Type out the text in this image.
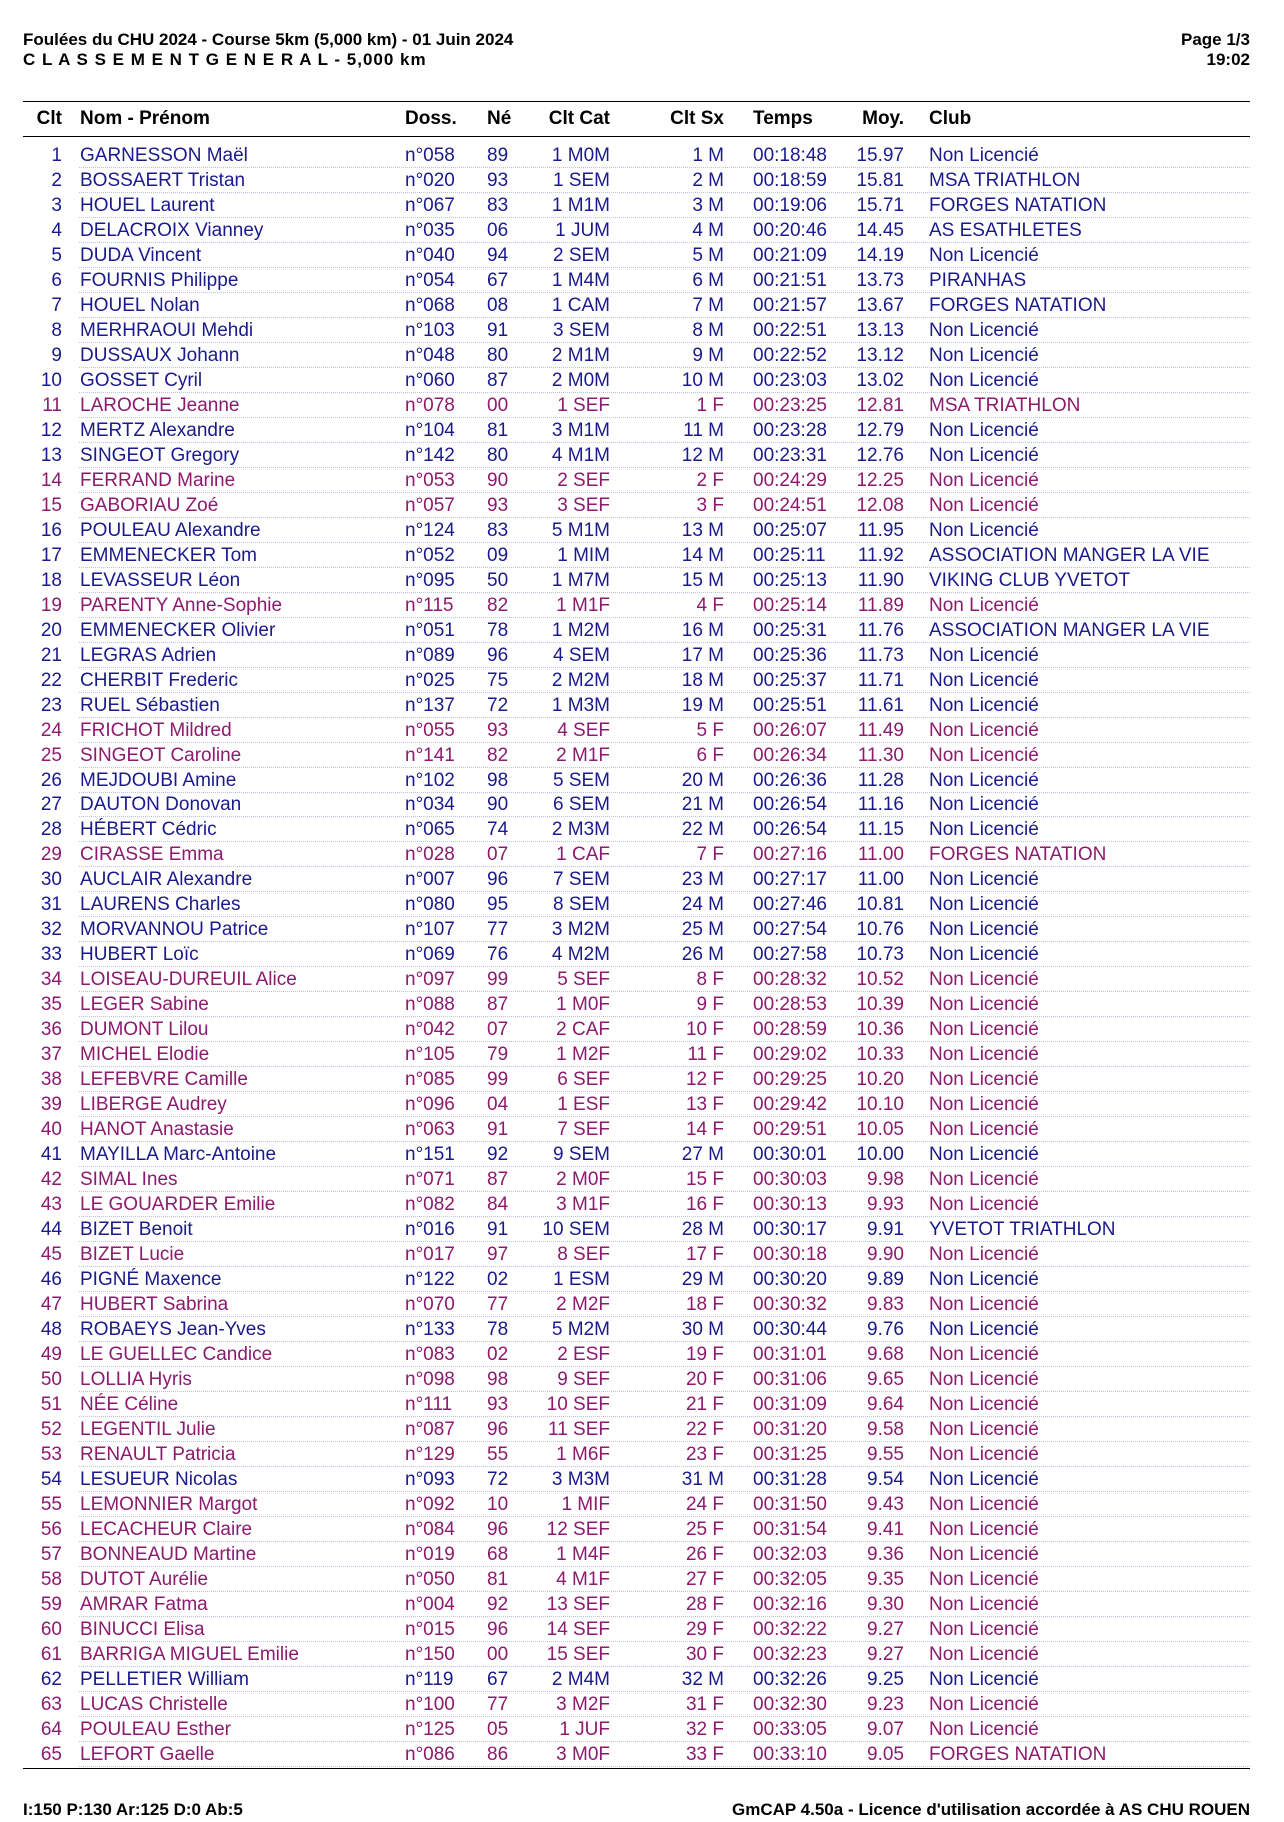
Foulées du CHU 2024 - Course 5km (5,000 km) - 01 Juin 2024
C L A S S E M E N T G E N E R A L - 5,000 km
Page 1/3
19:02
Clt Nom - Prénom	Doss. Né	Clt Cat	Clt Sx Temps	Moy. Club
1 GARNESSON Maël	n°058 89	1 M0M	1 M 00:18:48	15.97 Non Licencié
2 BOSSAERT Tristan	n°020 93	1 SEM	2 M 00:18:59	15.81 MSA TRIATHLON
3 HOUEL Laurent	n°067 83	1 M1M	3 M 00:19:06	15.71 FORGES NATATION
4 DELACROIX Vianney	n°035 06	1 JUM	4 M 00:20:46	14.45 AS ESATHLETES
5 DUDA Vincent	n°040 94	2 SEM	5 M 00:21:09	14.19 Non Licencié
6 FOURNIS Philippe	n°054 67	1 M4M	6 M 00:21:51	13.73 PIRANHAS
7 HOUEL Nolan	n°068 08	1 CAM	7 M 00:21:57	13.67 FORGES NATATION
8 MERHRAOUI Mehdi	n°103 91	3 SEM	8 M 00:22:51	13.13 Non Licencié
9 DUSSAUX Johann	n°048 80	2 M1M	9 M 00:22:52	13.12 Non Licencié
10 GOSSET Cyril	n°060 87	2 M0M	10 M 00:23:03	13.02 Non Licencié
11 LAROCHE Jeanne	n°078 00	1 SEF	1 F 00:23:25	12.81 MSA TRIATHLON
12 MERTZ Alexandre	n°104 81	3 M1M	11 M 00:23:28	12.79 Non Licencié
13 SINGEOT Gregory	n°142 80	4 M1M	12 M 00:23:31	12.76 Non Licencié
14 FERRAND Marine	n°053 90	2 SEF	2 F 00:24:29	12.25 Non Licencié
15 GABORIAU Zoé	n°057 93	3 SEF	3 F 00:24:51	12.08 Non Licencié
16 POULEAU Alexandre	n°124 83	5 M1M	13 M 00:25:07	11.95 Non Licencié
17 EMMENECKER Tom	n°052 09	1 MIM	14 M 00:25:11	11.92 ASSOCIATION MANGER LA VIE
18 LEVASSEUR Léon	n°095 50	1 M7M	15 M 00:25:13	11.90 VIKING CLUB YVETOT
19 PARENTY Anne-Sophie	n°115 82	1 M1F	4 F 00:25:14	11.89 Non Licencié
20 EMMENECKER Olivier	n°051 78	1 M2M	16 M 00:25:31	11.76 ASSOCIATION MANGER LA VIE
21 LEGRAS Adrien	n°089 96	4 SEM	17 M 00:25:36	11.73 Non Licencié
22 CHERBIT Frederic	n°025 75	2 M2M	18 M 00:25:37	11.71 Non Licencié
23 RUEL Sébastien	n°137 72	1 M3M	19 M 00:25:51	11.61 Non Licencié
24 FRICHOT Mildred	n°055 93	4 SEF	5 F 00:26:07	11.49 Non Licencié
25 SINGEOT Caroline	n°141 82	2 M1F	6 F 00:26:34	11.30 Non Licencié
26 MEJDOUBI Amine	n°102 98	5 SEM	20 M 00:26:36	11.28 Non Licencié
27 DAUTON Donovan	n°034 90	6 SEM	21 M 00:26:54	11.16 Non Licencié
28 HÉBERT Cédric	n°065 74	2 M3M	22 M 00:26:54	11.15 Non Licencié
29 CIRASSE Emma	n°028 07	1 CAF	7 F 00:27:16	11.00 FORGES NATATION
30 AUCLAIR Alexandre	n°007 96	7 SEM	23 M 00:27:17	11.00 Non Licencié
31 LAURENS Charles	n°080 95	8 SEM	24 M 00:27:46	10.81 Non Licencié
32 MORVANNOU Patrice	n°107 77	3 M2M	25 M 00:27:54	10.76 Non Licencié
33 HUBERT Loïc	n°069 76	4 M2M	26 M 00:27:58	10.73 Non Licencié
34 LOISEAU-DUREUIL Alice	n°097 99	5 SEF	8 F 00:28:32	10.52 Non Licencié
35 LEGER Sabine	n°088 87	1 M0F	9 F 00:28:53	10.39 Non Licencié
36 DUMONT Lilou	n°042 07	2 CAF	10 F 00:28:59	10.36 Non Licencié
37 MICHEL Elodie	n°105 79	1 M2F	11 F 00:29:02	10.33 Non Licencié
38 LEFEBVRE Camille	n°085 99	6 SEF	12 F 00:29:25	10.20 Non Licencié
39 LIBERGE Audrey	n°096 04	1 ESF	13 F 00:29:42	10.10 Non Licencié
40 HANOT Anastasie	n°063 91	7 SEF	14 F 00:29:51	10.05 Non Licencié
41 MAYILLA Marc-Antoine	n°151 92	9 SEM	27 M 00:30:01	10.00 Non Licencié
42 SIMAL Ines	n°071 87	2 M0F	15 F 00:30:03	9.98 Non Licencié
43 LE GOUARDER Emilie	n°082 84	3 M1F	16 F 00:30:13	9.93 Non Licencié
44 BIZET Benoit	n°016 91	10 SEM	28 M 00:30:17	9.91 YVETOT TRIATHLON
45 BIZET Lucie	n°017 97	8 SEF	17 F 00:30:18	9.90 Non Licencié
46 PIGNÉ Maxence	n°122 02	1 ESM	29 M 00:30:20	9.89 Non Licencié
47 HUBERT Sabrina	n°070 77	2 M2F	18 F 00:30:32	9.83 Non Licencié
48 ROBAEYS Jean-Yves	n°133 78	5 M2M	30 M 00:30:44	9.76 Non Licencié
49 LE GUELLEC Candice	n°083 02	2 ESF	19 F 00:31:01	9.68 Non Licencié
50 LOLLIA Hyris	n°098 98	9 SEF	20 F 00:31:06	9.65 Non Licencié
51 NÉE Céline	n°111 93	10 SEF	21 F 00:31:09	9.64 Non Licencié
52 LEGENTIL Julie	n°087 96	11 SEF	22 F 00:31:20	9.58 Non Licencié
53 RENAULT Patricia	n°129 55	1 M6F	23 F 00:31:25	9.55 Non Licencié
54 LESUEUR Nicolas	n°093 72	3 M3M	31 M 00:31:28	9.54 Non Licencié
55 LEMONNIER Margot	n°092 10	1 MIF	24 F 00:31:50	9.43 Non Licencié
56 LECACHEUR Claire	n°084 96	12 SEF	25 F 00:31:54	9.41 Non Licencié
57 BONNEAUD Martine	n°019 68	1 M4F	26 F 00:32:03	9.36 Non Licencié
58 DUTOT Aurélie	n°050 81	4 M1F	27 F 00:32:05	9.35 Non Licencié
59 AMRAR Fatma	n°004 92	13 SEF	28 F 00:32:16	9.30 Non Licencié
60 BINUCCI Elisa	n°015 96	14 SEF	29 F 00:32:22	9.27 Non Licencié
61 BARRIGA MIGUEL Emilie	n°150 00	15 SEF	30 F 00:32:23	9.27 Non Licencié
62 PELLETIER William	n°119 67	2 M4M	32 M 00:32:26	9.25 Non Licencié
63 LUCAS Christelle	n°100 77	3 M2F	31 F 00:32:30	9.23 Non Licencié
64 POULEAU Esther	n°125 05	1 JUF	32 F 00:33:05	9.07 Non Licencié
65 LEFORT Gaelle	n°086 86	3 M0F	33 F 00:33:10	9.05 FORGES NATATION
I:150 P:130 Ar:125 D:0 Ab:5	GmCAP 4.50a - Licence d'utilisation accordée à AS CHU ROUEN
